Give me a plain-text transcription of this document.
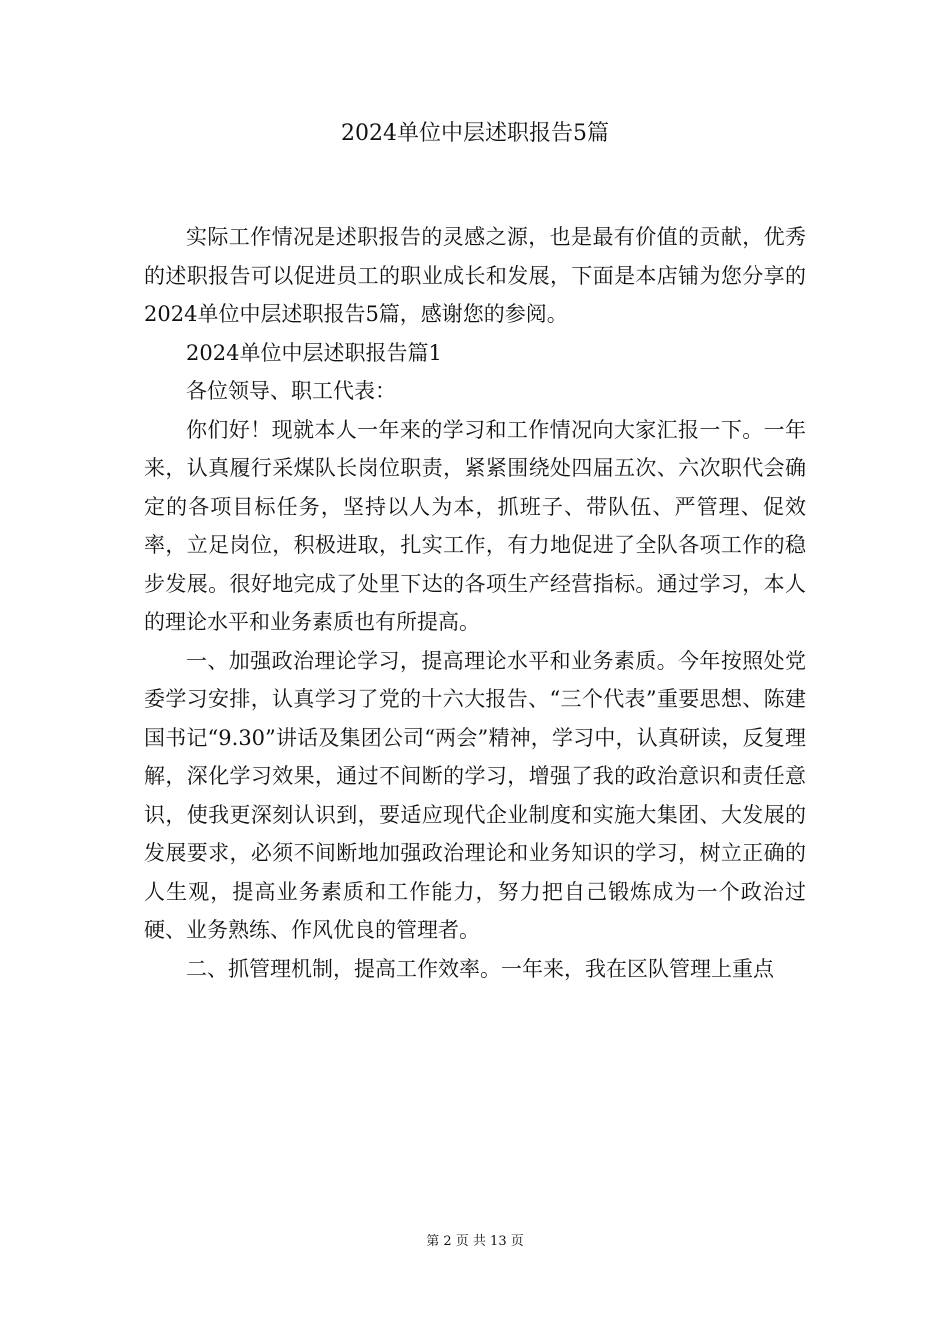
2024单位中层述职报告5篇

实际工作情况是述职报告的灵感之源，也是最有价值的贡献，优秀的述职报告可以促进员工的职业成长和发展，下面是本店铺为您分享的2024单位中层述职报告5篇，感谢您的参阅。

2024单位中层述职报告篇1

各位领导、职工代表：

你们好！现就本人一年来的学习和工作情况向大家汇报一下。一年来，认真履行采煤队长岗位职责，紧紧围绕处四届五次、六次职代会确定的各项目标任务，坚持以人为本，抓班子、带队伍、严管理、促效率，立足岗位，积极进取，扎实工作，有力地促进了全队各项工作的稳步发展。很好地完成了处里下达的各项生产经营指标。通过学习，本人的理论水平和业务素质也有所提高。

一、加强政治理论学习，提高理论水平和业务素质。今年按照处党委学习安排，认真学习了党的十六大报告、“三个代表”重要思想、陈建国书记“9.30”讲话及集团公司“两会”精神，学习中，认真研读，反复理解，深化学习效果，通过不间断的学习，增强了我的政治意识和责任意识，使我更深刻认识到，要适应现代企业制度和实施大集团、大发展的发展要求，必须不间断地加强政治理论和业务知识的学习，树立正确的人生观，提高业务素质和工作能力，努力把自己锻炼成为一个政治过硬、业务熟练、作风优良的管理者。

二、抓管理机制，提高工作效率。一年来，我在区队管理上重点

第 2 页 共 13 页
